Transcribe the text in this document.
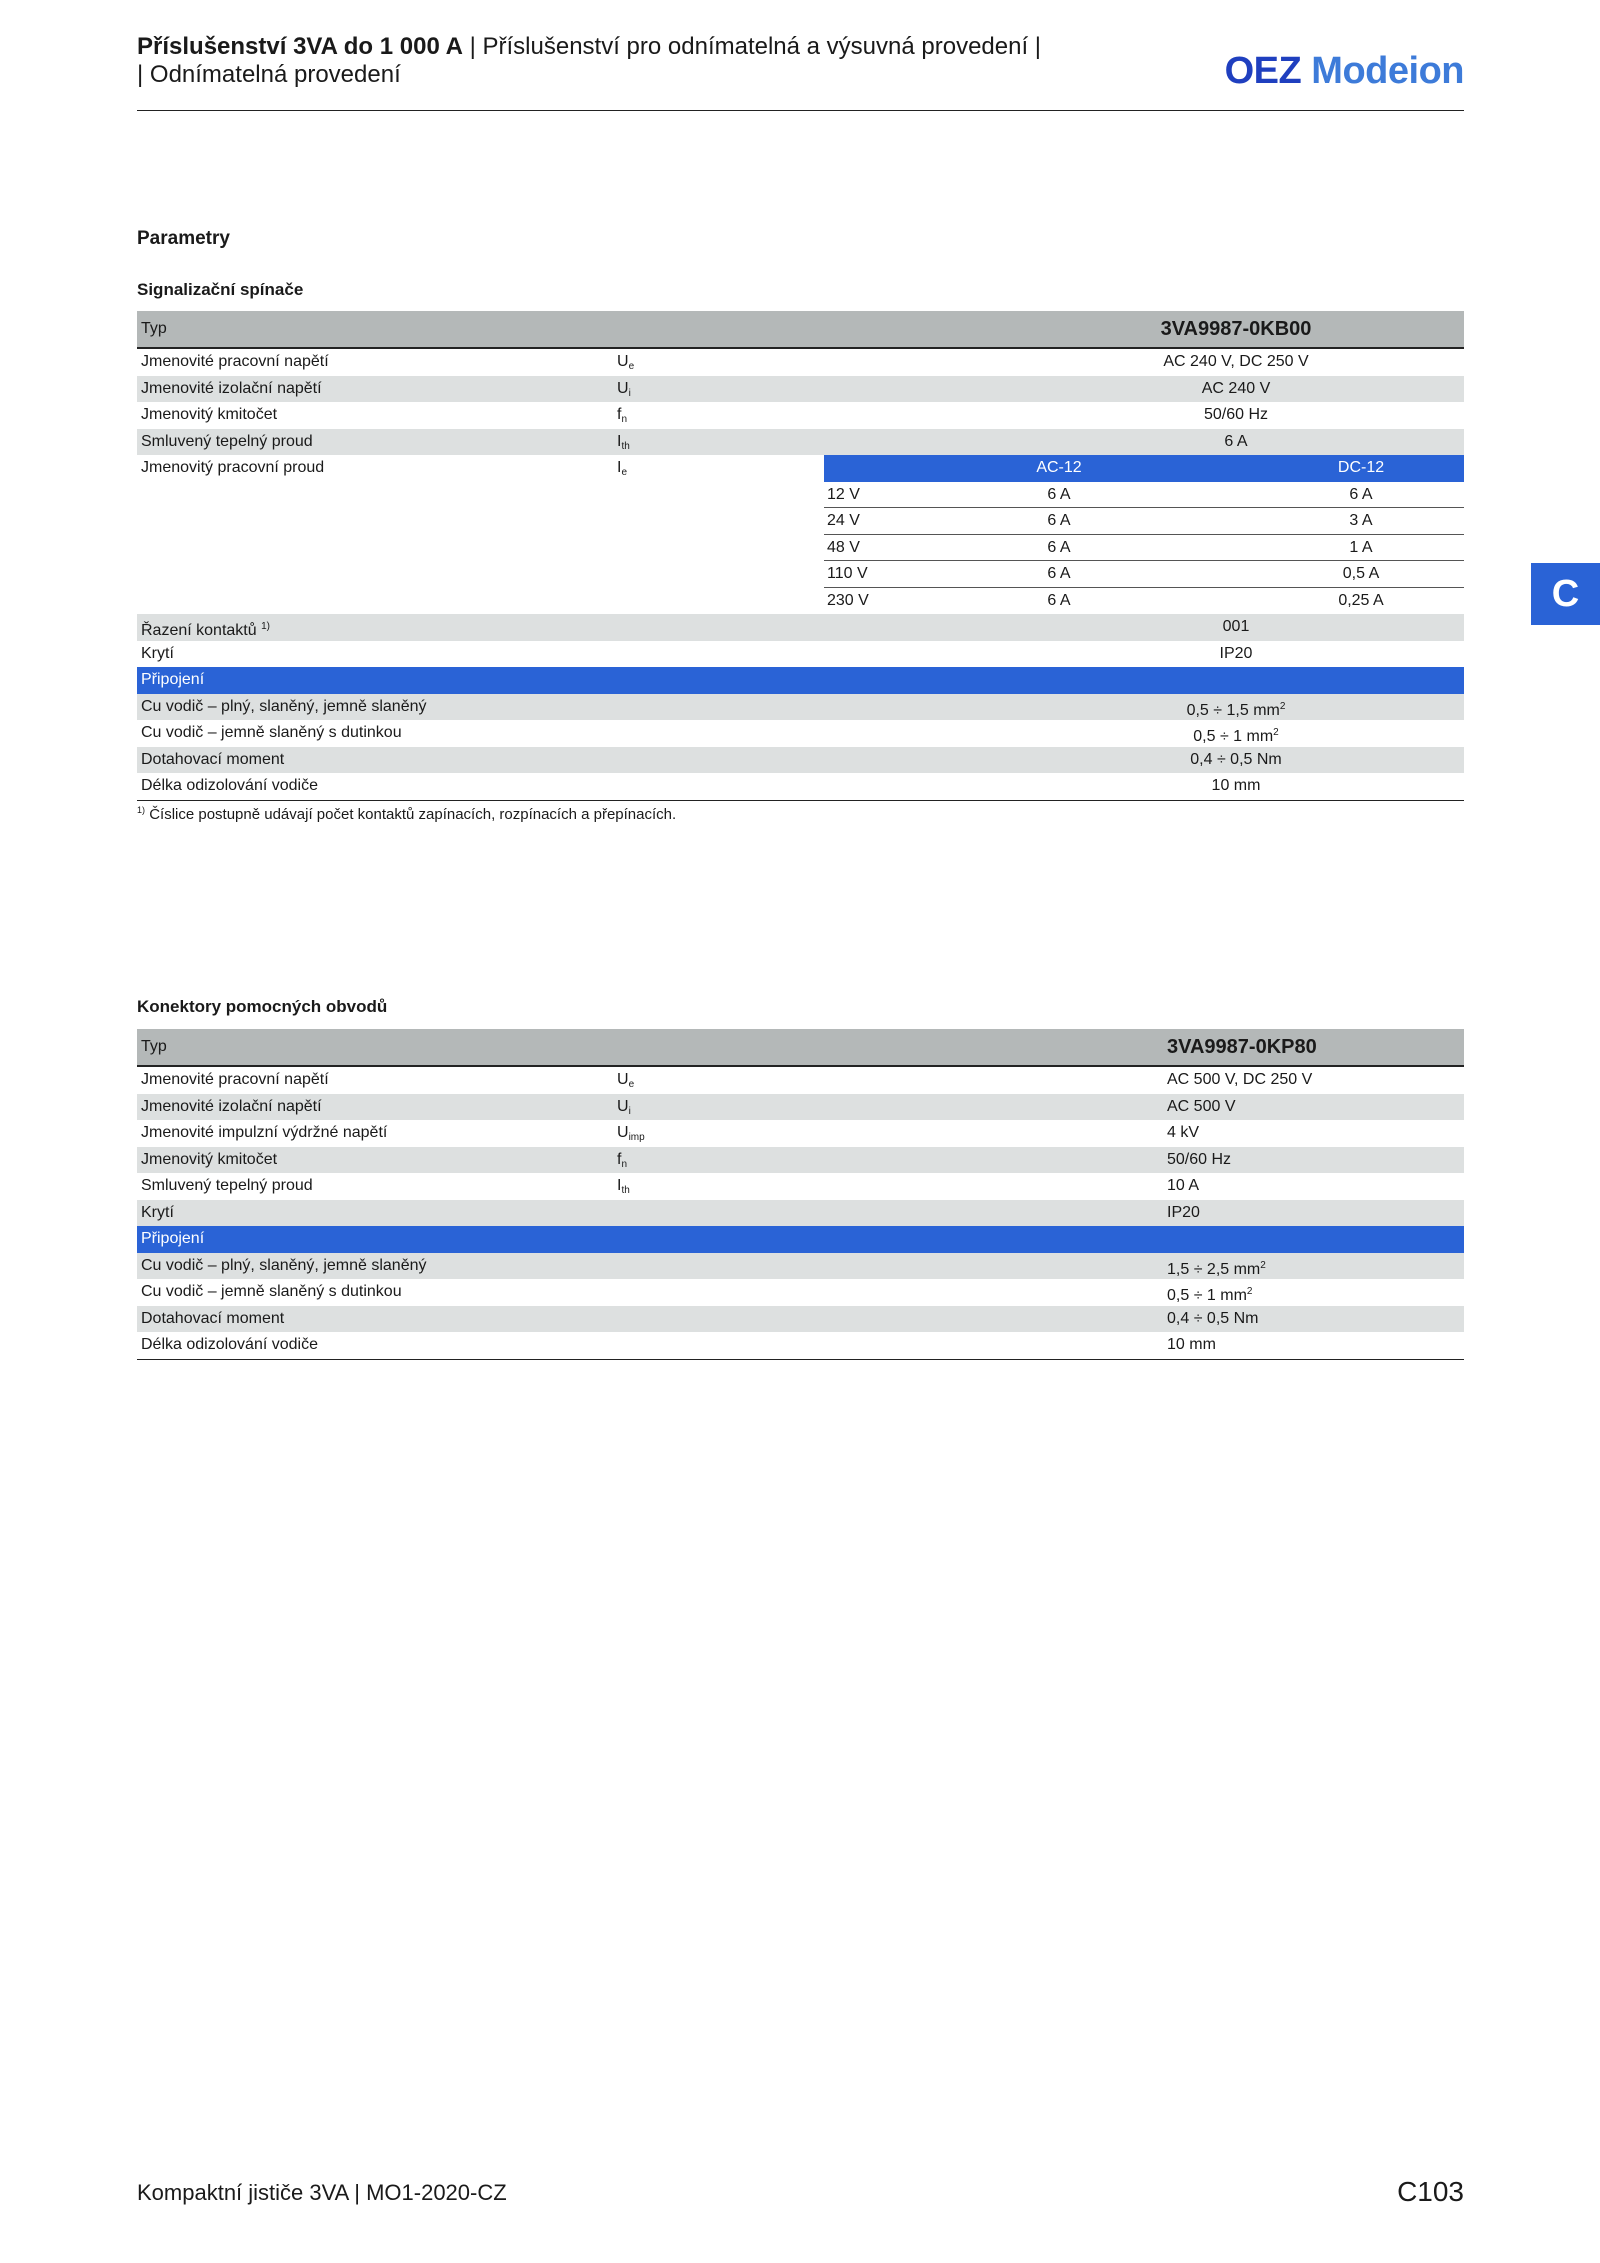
Příslušenství 3VA do 1 000 A | Příslušenství pro odnímatelná a výsuvná provedení |
| Odnímatelná provedení	OEZ Modeion
Parametry
Signalizační spínače
Typ	3VA9987-0KB00
Jmenovité pracovní napětí	$U_e$	AC 240 V, DC 250 V
Jmenovité izolační napětí	$U_i$	AC 240 V
Jmenovitý kmitočet	$f_n$	50/60 Hz
Smluvený tepelný proud	$I_{th}$	6 A
Jmenovitý pracovní proud	$I_e$	AC-12	DC-12
12 V	6 A	6 A
24 V	6 A	3 A
48 V	6 A	1 A
110 V	6 A	0,5 A
230 V	6 A	0,25 A
Řazení kontaktů $^{1)}$	001
Krytí	IP20
Připojení
Cu vodič – plný, slaněný, jemně slaněný	0,5 ÷ 1,5 $mm^2$
Cu vodič – jemně slaněný s dutinkou	0,5 ÷ 1 $mm^2$
Dotahovací moment	0,4 ÷ 0,5 Nm
Délka odizolování vodiče	10 mm
$^{1)}$ Číslice postupně udávají počet kontaktů zapínacích, rozpínacích a přepínacích.
Konektory pomocných obvodů
Typ	3VA9987-0KP80
Jmenovité pracovní napětí	$U_e$	AC 500 V, DC 250 V
Jmenovité izolační napětí	$U_i$	AC 500 V
Jmenovité impulzní výdržné napětí	$U_{imp}$	4 kV
Jmenovitý kmitočet	$f_n$	50/60 Hz
Smluvený tepelný proud	$I_{th}$	10 A
Krytí	IP20
Připojení
Cu vodič – plný, slaněný, jemně slaněný	1,5 ÷ 2,5 $mm^2$
Cu vodič – jemně slaněný s dutinkou	0,5 ÷ 1 $mm^2$
Dotahovací moment	0,4 ÷ 0,5 Nm
Délka odizolování vodiče	10 mm
C
Kompaktní jističe 3VA | MO1-2020-CZ	C103
